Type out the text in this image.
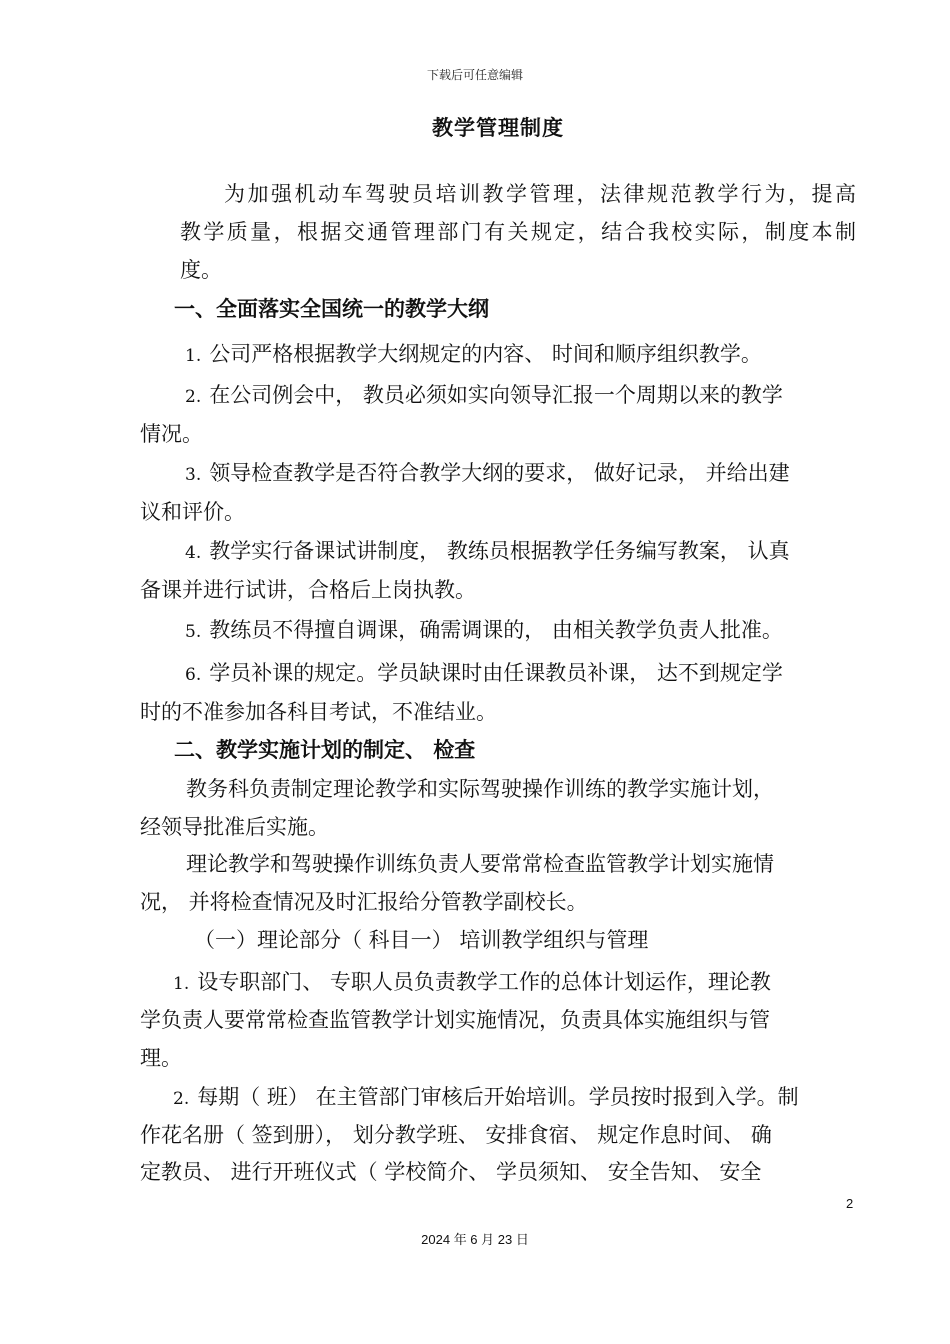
下载后可任意编辑
教学管理制度
为加强机动车驾驶员培训教学管理，法律规范教学行为，提高
教学质量，根据交通管理部门有关规定，结合我校实际，制度本制
度。
一、全面落实全国统一的教学大纲
1. 公司严格根据教学大纲规定的内容、 时间和顺序组织教学。
2. 在公司例会中， 教员必须如实向领导汇报一个周期以来的教学
情况。
3. 领导检查教学是否符合教学大纲的要求， 做好记录， 并给出建
议和评价。
4. 教学实行备课试讲制度， 教练员根据教学任务编写教案， 认真
备课并进行试讲，合格后上岗执教。
5. 教练员不得擅自调课，确需调课的， 由相关教学负责人批准。
6. 学员补课的规定。学员缺课时由任课教员补课， 达不到规定学
时的不准参加各科目考试，不准结业。
二、教学实施计划的制定、 检查
教务科负责制定理论教学和实际驾驶操作训练的教学实施计划，
经领导批准后实施。
理论教学和驾驶操作训练负责人要常常检查监管教学计划实施情
况， 并将检查情况及时汇报给分管教学副校长。
（一）理论部分（ 科目一） 培训教学组织与管理
1. 设专职部门、 专职人员负责教学工作的总体计划运作，理论教
学负责人要常常检查监管教学计划实施情况，负责具体实施组织与管
理。
2. 每期（ 班） 在主管部门审核后开始培训。学员按时报到入学。制
作花名册（ 签到册）， 划分教学班、 安排食宿、 规定作息时间、 确
定教员、 进行开班仪式（ 学校简介、 学员须知、 安全告知、 安全
2
2024 年 6 月 23 日
